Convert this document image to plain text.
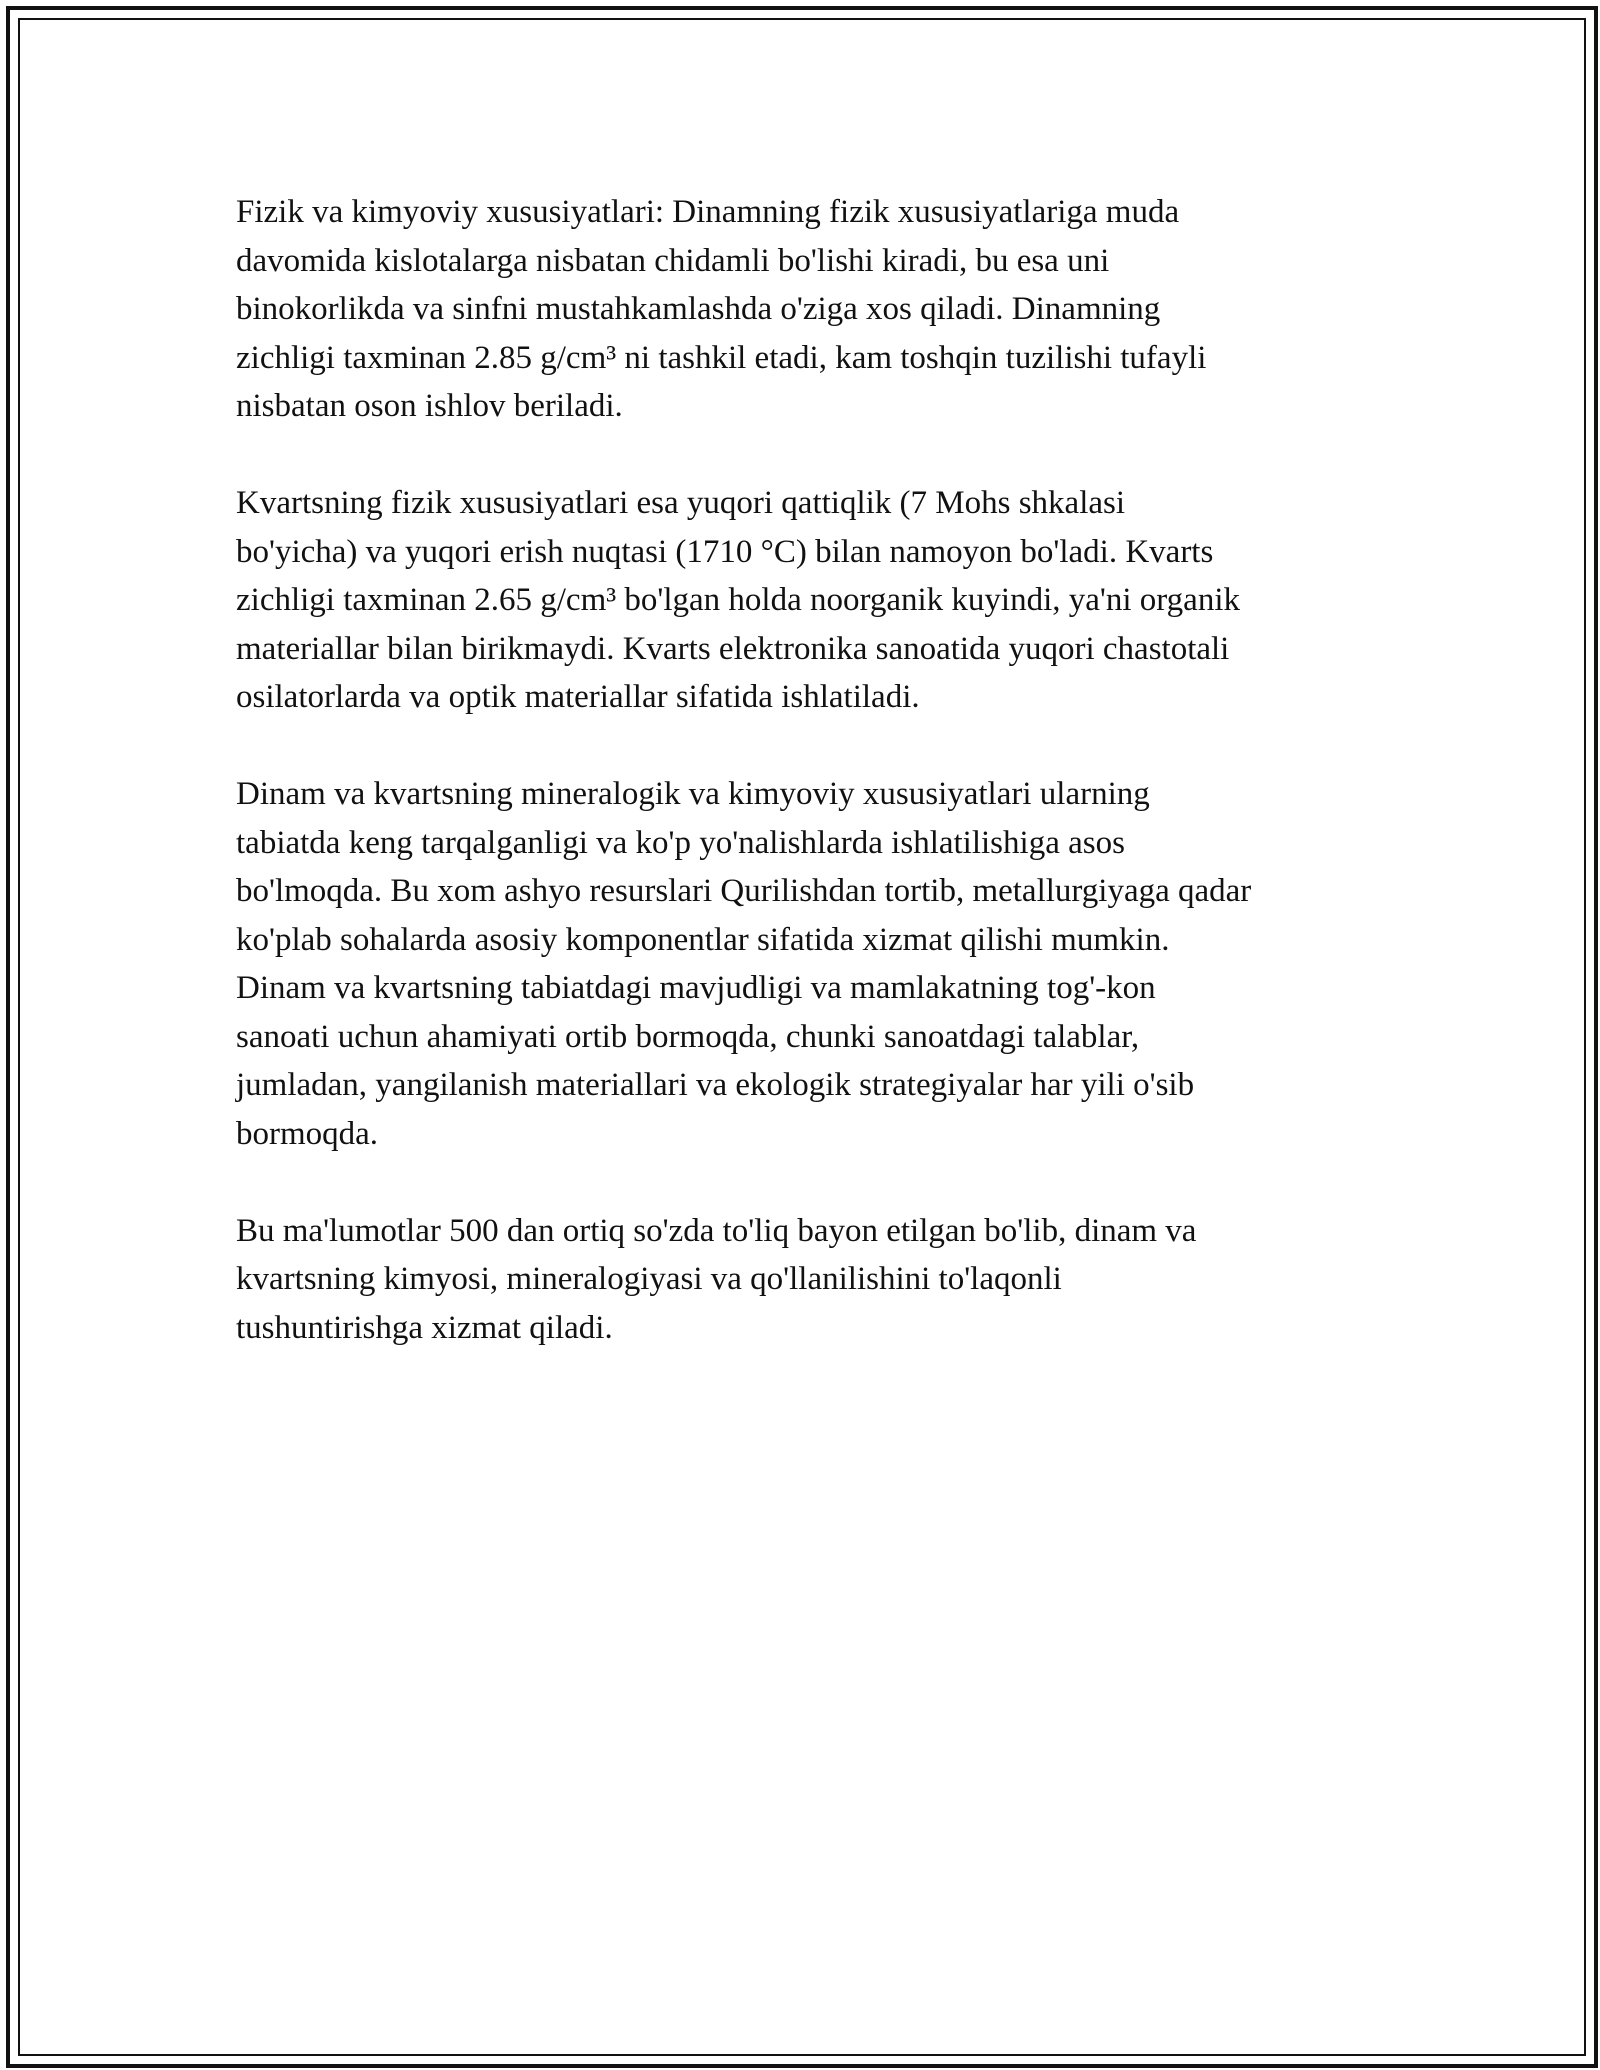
Fizik va kimyoviy xususiyatlari: Dinamning fizik xususiyatlariga muda
davomida kislotalarga nisbatan chidamli bo'lishi kiradi, bu esa uni
binokorlikda va sinfni mustahkamlashda o'ziga xos qiladi. Dinamning
zichligi taxminan 2.85 g/cm³ ni tashkil etadi, kam toshqin tuzilishi tufayli
nisbatan oson ishlov beriladi.

Kvartsning fizik xususiyatlari esa yuqori qattiqlik (7 Mohs shkalasi
bo'yicha) va yuqori erish nuqtasi (1710 °C) bilan namoyon bo'ladi. Kvarts
zichligi taxminan 2.65 g/cm³ bo'lgan holda noorganik kuyindi, ya'ni organik
materiallar bilan birikmaydi. Kvarts elektronika sanoatida yuqori chastotali
osilatorlarda va optik materiallar sifatida ishlatiladi.

Dinam va kvartsning mineralogik va kimyoviy xususiyatlari ularning
tabiatda keng tarqalganligi va ko'p yo'nalishlarda ishlatilishiga asos
bo'lmoqda. Bu xom ashyo resurslari Qurilishdan tortib, metallurgiyaga qadar
ko'plab sohalarda asosiy komponentlar sifatida xizmat qilishi mumkin.
Dinam va kvartsning tabiatdagi mavjudligi va mamlakatning tog'-kon
sanoati uchun ahamiyati ortib bormoqda, chunki sanoatdagi talablar,
jumladan, yangilanish materiallari va ekologik strategiyalar har yili o'sib
bormoqda.

Bu ma'lumotlar 500 dan ortiq so'zda to'liq bayon etilgan bo'lib, dinam va
kvartsning kimyosi, mineralogiyasi va qo'llanilishini to'laqonli
tushuntirishga xizmat qiladi.
